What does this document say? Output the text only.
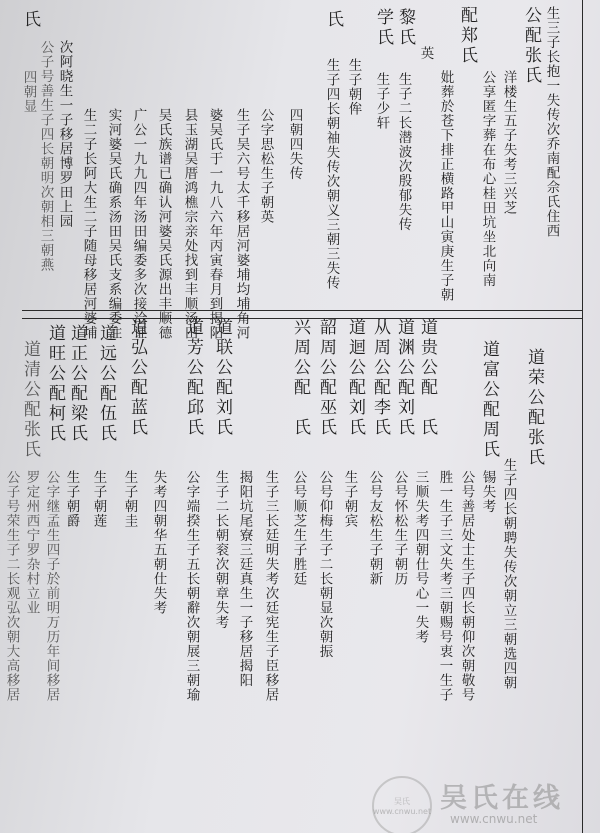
生三子长抱一失传次乔南配佘氏住西
公配张氏
洋楼生五子失考三兴芝
公享匿字葬在布心桂田坑坐北向南
配郑氏
妣葬於苍下排正横路甲山寅庚生子朝
英
黎氏
生子二长潜波次殷郁失传
学氏
生子少轩
生子朝侔
氏
生子四长朝䄂失传次朝义三朝三失传
四朝四失传
公字思松生子朝英
生子吴六号太千移居河婆埔均埔角河
婆吴氏于一九八六年丙寅春月到揭阳
县玉湖吴厝鸿樵宗亲处找到丰顺汤田
吴氏族谱已确认河婆吴氏源出丰顺德
广公一九九四年汤田编委多次接洽证
实河婆吴氏确系汤田吴氏支系编委注
生二子长阿大生二子随母移居河婆埔
次阿晓生一子移居博罗田上园
公子号善生子四长朝明次朝相三朝燕
氏
四朝显
道荣公配张氏
生子四长朝聘失传次朝立三朝选四朝
道富公配周氏
锡失考
公号善居处士生子四长朝仰次朝敬号
胜一生子三文失考三朝赐号衷一生子
道贵公配　氏
三顺失考四朝仕号心一失考
道渊公配刘氏
公号怀松生子朝历
从周公配李氏
公号友松生子朝新
道迴公配刘氏
生子朝宾
韶周公配巫氏
公号仰梅生子二长朝显次朝振
兴周公配　氏
公号顺芝生子胜廷
生子三长廷明失考次廷宪生子臣移居
揭阳坑尾寮三廷真生一子移居揭阳
道联公配刘氏
生子二长朝衮次朝章失考
道芳公配邱氏
公字端揆生子五长朝辭次朝展三朝瑜
失考四朝华五朝仕失考
道弘公配蓝氏
生子朝圭
道远公配伍氏
生子朝莲
道正公配梁氏
生子朝爵
道旺公配柯氏
公字继孟生四子於前明万历年间移居
罗定州西宁罗杂村立业
道清公配张氏
公子号荣生子二长观弘次朝大高移居
吴氏
www.cnwu.net 吴氏在线
www.cnwu.net
